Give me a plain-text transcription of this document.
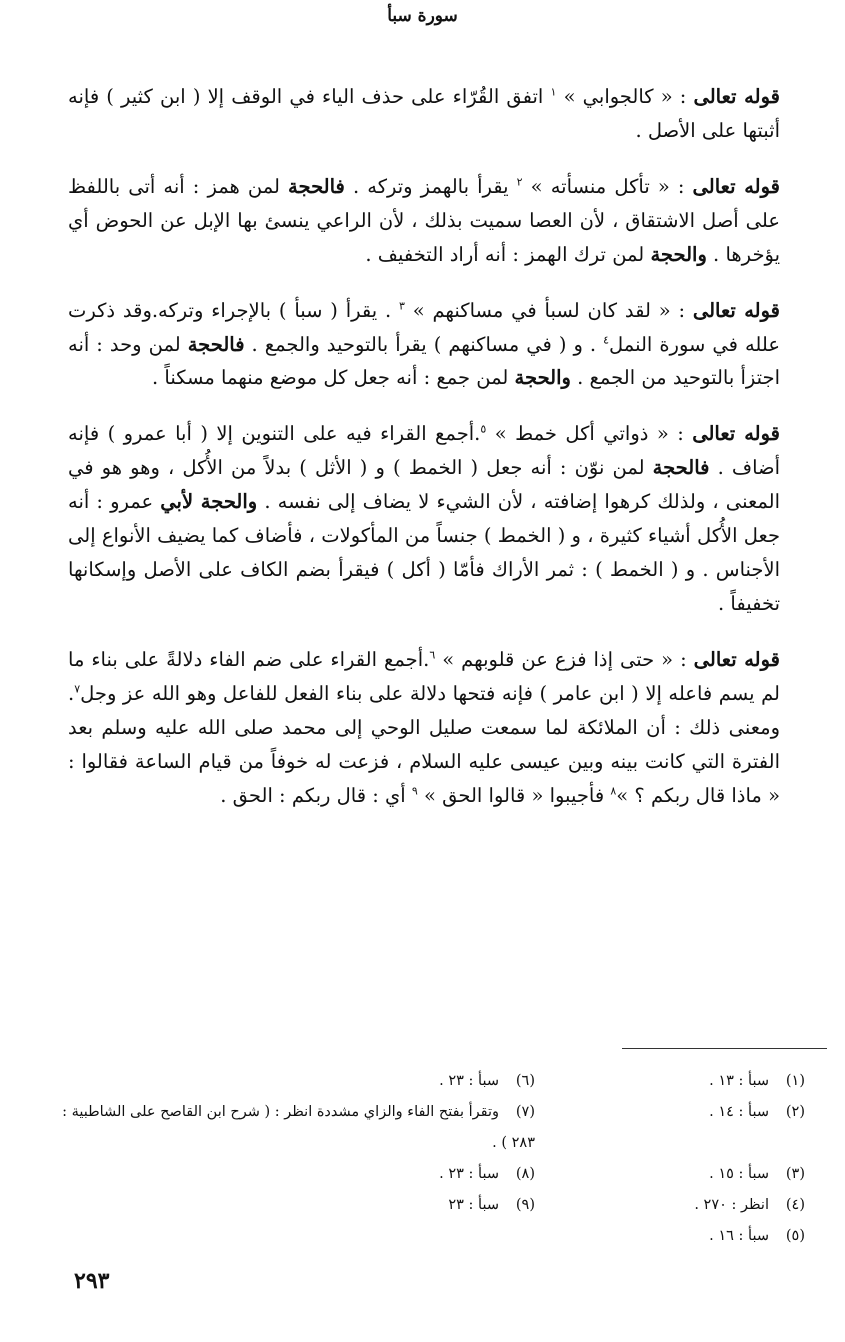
سورة سبأ

قوله تعالى : « كالجوابي » $^١$ اتفق القُرّاء على حذف الياء في الوقف إلا ( ابن كثير ) فإنه أثبتها على الأصل .

قوله تعالى : « تأكل منسأته » $^٢$ يقرأ بالهمز وتركه . فالحجة لمن همز : أنه أتى باللفظ على أصل الاشتقاق ، لأن العصا سميت بذلك ، لأن الراعي ينسئ بها الإبل عن الحوض أي يؤخرها . والحجة لمن ترك الهمز : أنه أراد التخفيف .

قوله تعالى : « لقد كان لسبأ في مساكنهم » $^٣$ . يقرأ ( سبأ ) بالإجراء وتركه.وقد ذكرت علله في سورة النمل$^٤$ . و ( في مساكنهم ) يقرأ بالتوحيد والجمع . فالحجة لمن وحد : أنه اجتزأ بالتوحيد من الجمع . والحجة لمن جمع : أنه جعل كل موضع منهما مسكناً .

قوله تعالى : « ذواتي أكل خمط » $^٥$.أجمع القراء فيه على التنوين إلا ( أبا عمرو ) فإنه أضاف . فالحجة لمن نوّن : أنه جعل ( الخمط ) و ( الأثل ) بدلاً من الأُكل ، وهو هو في المعنى ، ولذلك كرهوا إضافته ، لأن الشيء لا يضاف إلى نفسه . والحجة لأبي عمرو : أنه جعل الأُكل أشياء كثيرة ، و ( الخمط ) جنساً من المأكولات ، فأضاف كما يضيف الأنواع إلى الأجناس . و ( الخمط ) : ثمر الأراك فأمّا ( أكل ) فيقرأ بضم الكاف على الأصل وإسكانها تخفيفاً .

قوله تعالى : « حتى إذا فزع عن قلوبهم » $^٦$.أجمع القراء على ضم الفاء دلالةً على بناء ما لم يسم فاعله إلا ( ابن عامر ) فإنه فتحها دلالة على بناء الفعل للفاعل وهو الله عز وجل$^٧$. ومعنى ذلك : أن الملائكة لما سمعت صليل الوحي إلى محمد صلى الله عليه وسلم بعد الفترة التي كانت بينه وبين عيسى عليه السلام ، فزعت له خوفاً من قيام الساعة فقالوا : « ماذا قال ربكم ؟ »$^٨$ فأجيبوا « قالوا الحق » $^٩$ أي : قال ربكم : الحق .

(١)سبأ : ١٣ .
(٦)سبأ : ٢٣ .
(٢)سبأ : ١٤ .
(٧)وتقرأ بفتح الفاء والزاي مشددة انظر : ( شرح ابن القاصح على الشاطبية : ٢٨٣ ) .
(٣)سبأ : ١٥ .
(٨)سبأ : ٢٣ .
(٤)انظر : ٢٧٠ .
(٩)سبأ : ٢٣
(٥)سبأ : ١٦ .
٢٩٣
